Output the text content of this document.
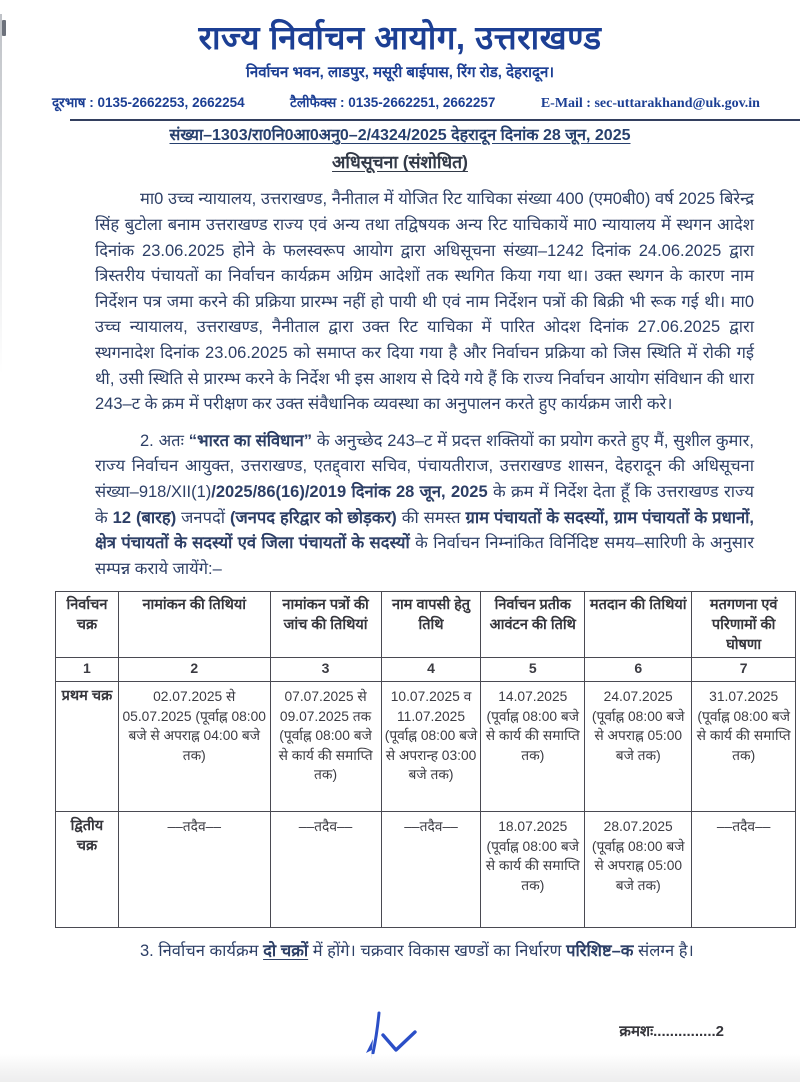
राज्य निर्वाचन आयोग, उत्तराखण्ड
निर्वाचन भवन, लाडपुर, मसूरी बाईपास, रिंग रोड, देहरादून।
दूरभाष : 0135-2662253, 2662254	टैलीफैक्स : 0135-2662251, 2662257	E-Mail : sec-uttarakhand@uk.gov.in
संख्या–1303/रा0नि0आ0अनु0–2/4324/2025 देहरादून दिनांक 28 जून, 2025
अधिसूचना (संशोधित)

मा0 उच्च न्यायालय, उत्तराखण्ड, नैनीताल में योजित रिट याचिका संख्या 400 (एम0बी0) वर्ष 2025 बिरेन्द्र सिंह बुटोला बनाम उत्तराखण्ड राज्य एवं अन्य तथा तद्विषयक अन्य रिट याचिकायें मा0 न्यायालय में स्थगन आदेश दिनांक 23.06.2025 होने के फलस्वरूप आयोग द्वारा अधिसूचना संख्या–1242 दिनांक 24.06.2025 द्वारा त्रिस्तरीय पंचायतों का निर्वाचन कार्यक्रम अग्रिम आदेशों तक स्थगित किया गया था। उक्त स्थगन के कारण नाम निर्देशन पत्र जमा करने की प्रक्रिया प्रारम्भ नहीं हो पायी थी एवं नाम निर्देशन पत्रों की बिक्री भी रूक गई थी। मा0 उच्च न्यायालय, उत्तराखण्ड, नैनीताल द्वारा उक्त रिट याचिका में पारित ओदश दिनांक 27.06.2025 द्वारा स्थगनादेश दिनांक 23.06.2025 को समाप्त कर दिया गया है और निर्वाचन प्रक्रिया को जिस स्थिति में रोकी गई थी, उसी स्थिति से प्रारम्भ करने के निर्देश भी इस आशय से दिये गये हैं कि राज्य निर्वाचन आयोग संविधान की धारा 243–ट के क्रम में परीक्षण कर उक्त संवैधानिक व्यवस्था का अनुपालन करते हुए कार्यक्रम जारी करे।

2. अतः “भारत का संविधान” के अनुच्छेद 243–ट में प्रदत्त शक्तियों का प्रयोग करते हुए मैं, सुशील कुमार, राज्य निर्वाचन आयुक्त, उत्तराखण्ड, एतद्द्वारा सचिव, पंचायतीराज, उत्तराखण्ड शासन, देहरादून की अधिसूचना संख्या–918/XII(1)/2025/86(16)/2019 दिनांक 28 जून, 2025 के क्रम में निर्देश देता हूँ कि उत्तराखण्ड राज्य के 12 (बारह) जनपदों (जनपद हरिद्वार को छोड़कर) की समस्त ग्राम पंचायतों के सदस्यों, ग्राम पंचायतों के प्रधानों, क्षेत्र पंचायतों के सदस्यों एवं जिला पंचायतों के सदस्यों के निर्वाचन निम्नांकित विर्निदिष्ट समय–सारिणी के अनुसार सम्पन्न कराये जायेंगे:–

निर्वाचन चक्र	नामांकन की तिथियां	नामांकन पत्रों की जांच की तिथियां	नाम वापसी हेतु तिथि	निर्वाचन प्रतीक आवंटन की तिथि	मतदान की तिथियां	मतगणना एवं परिणामों की घोषणा
1	2	3	4	5	6	7
प्रथम चक्र	02.07.2025 से 05.07.2025 (पूर्वाह्न 08:00 बजे से अपराह्न 04:00 बजे तक)	07.07.2025 से 09.07.2025 तक (पूर्वाह्न 08:00 बजे से कार्य की समाप्ति तक)	10.07.2025 व 11.07.2025 (पूर्वाह्न 08:00 बजे से अपरान्ह 03:00 बजे तक)	14.07.2025 (पूर्वाह्न 08:00 बजे से कार्य की समाप्ति तक)	24.07.2025 (पूर्वाह्न 08:00 बजे से अपराह्न 05:00 बजे तक)	31.07.2025 (पूर्वाह्न 08:00 बजे से कार्य की समाप्ति तक)
द्वितीय चक्र	––तदैव––	––तदैव––	––तदैव––	18.07.2025 (पूर्वाह्न 08:00 बजे से कार्य की समाप्ति तक)	28.07.2025 (पूर्वाह्न 08:00 बजे से अपराह्न 05:00 बजे तक)	––तदैव––

3. निर्वाचन कार्यक्रम दो चक्रों में होंगे। चक्रवार विकास खण्डों का निर्धारण परिशिष्ट–क संलग्न है।

क्रमशः...............2
